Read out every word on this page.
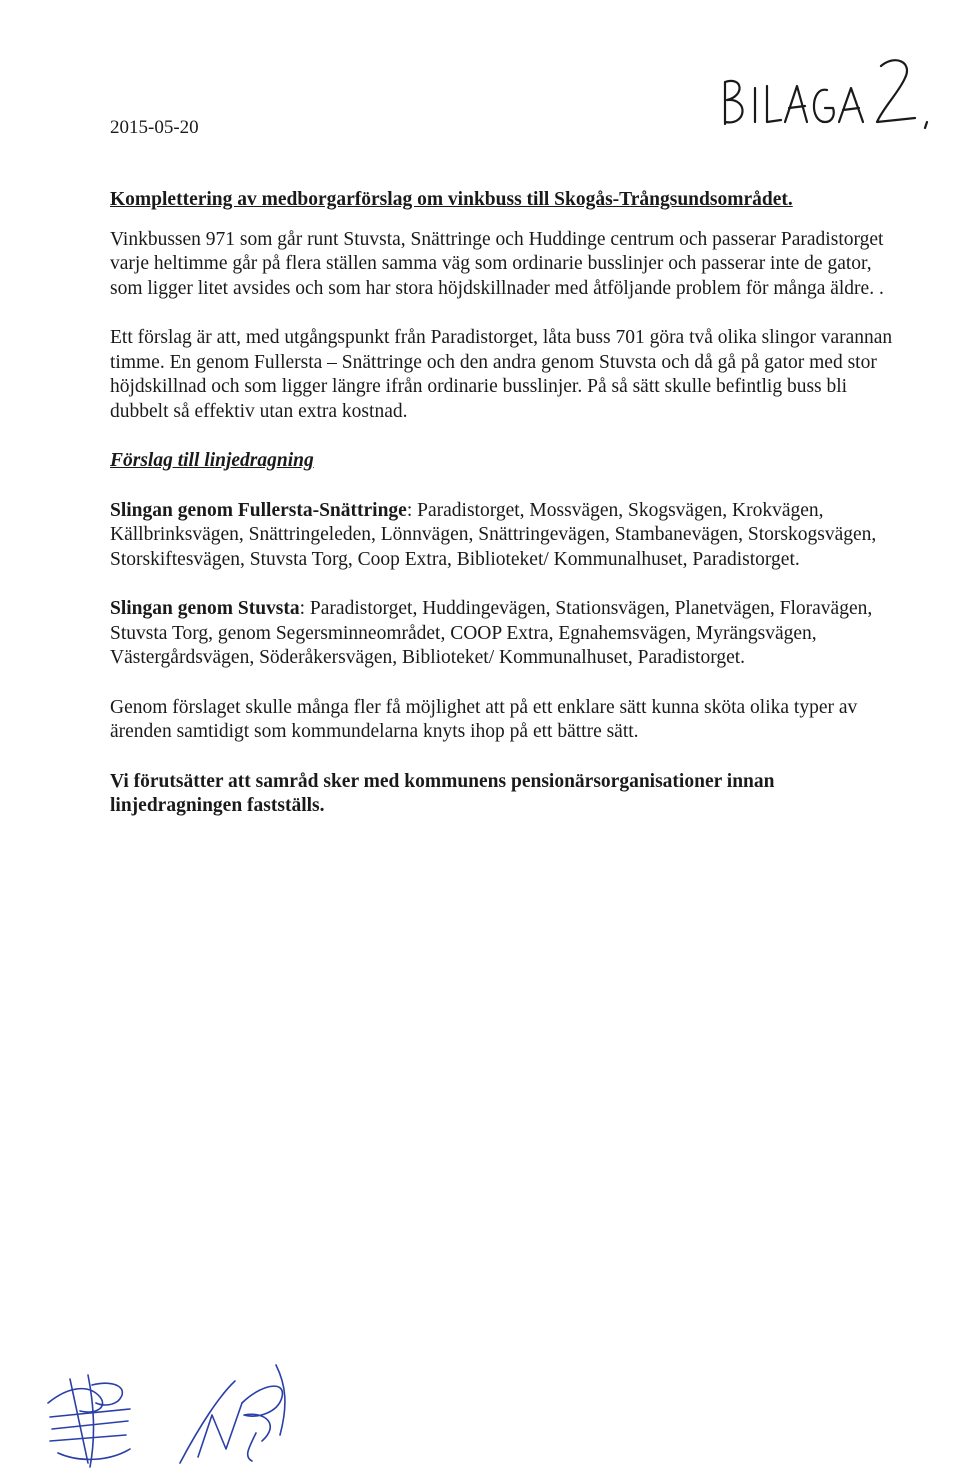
2015-05-20
Komplettering av medborgarförslag om vinkbuss till Skogås-Trångsundsområdet.

Vinkbussen 971 som går runt Stuvsta, Snättringe och Huddinge centrum och passerar Paradistorget varje heltimme går på flera ställen samma väg som ordinarie busslinjer och passerar inte de gator, som ligger litet avsides och som har stora höjdskillnader med åtföljande problem för många äldre. .

Ett förslag är att, med utgångspunkt från Paradistorget, låta buss 701 göra två olika slingor varannan timme. En genom Fullersta – Snättringe och den andra genom Stuvsta och då gå på gator med stor höjdskillnad och som ligger längre ifrån ordinarie busslinjer. På så sätt skulle befintlig buss bli dubbelt så effektiv utan extra kostnad.

Förslag till linjedragning

Slingan genom Fullersta-Snättringe: Paradistorget, Mossvägen, Skogsvägen, Krokvägen, Källbrinksvägen, Snättringeleden, Lönnvägen, Snättringevägen, Stambanevägen, Storskogsvägen, Storskiftesvägen, Stuvsta Torg, Coop Extra, Biblioteket/ Kommunalhuset, Paradistorget.

Slingan genom Stuvsta: Paradistorget, Huddingevägen, Stationsvägen, Planetvägen, Floravägen, Stuvsta Torg, genom Segersminneområdet, COOP Extra, Egnahemsvägen, Myrängsvägen, Västergårdsvägen, Söderåkersvägen, Biblioteket/ Kommunalhuset, Paradistorget.

Genom förslaget skulle många fler få möjlighet att på ett enklare sätt kunna sköta olika typer av ärenden samtidigt som kommundelarna knyts ihop på ett bättre sätt.

Vi förutsätter att samråd sker med kommunens pensionärsorganisationer innan linjedragningen fastställs.
